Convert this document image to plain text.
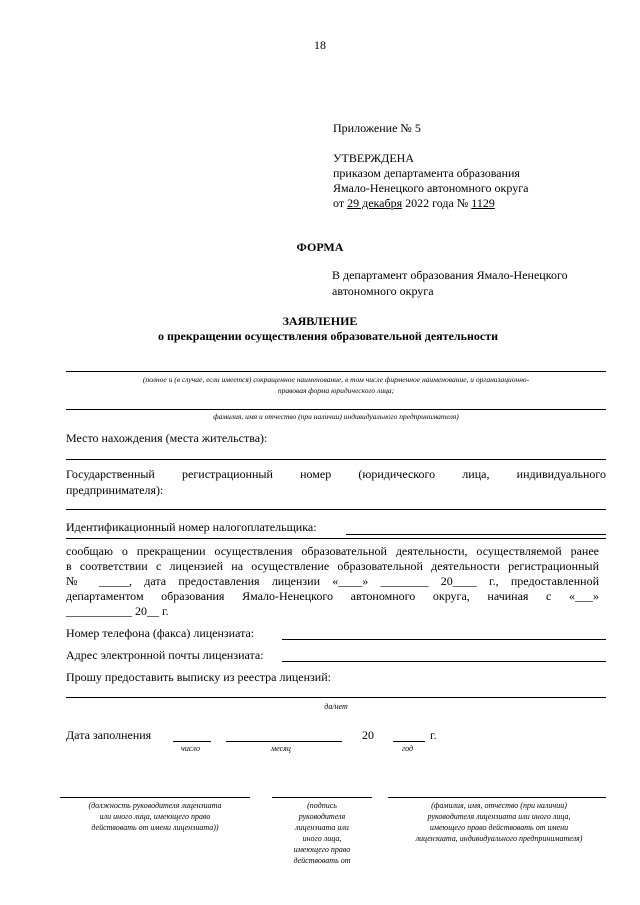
18
Приложение № 5
УТВЕРЖДЕНА
приказом департамента образования
Ямало-Ненецкого автономного округа
от 29 декабря 2022 года № 1129
ФОРМА
В департамент образования Ямало-Ненецкого
автономного округа
ЗАЯВЛЕНИЕ
о прекращении осуществления образовательной деятельности
(полное и (в случае, если имеется) сокращенное наименование, в том числе фирменное наименование, и организационно-
правовая форма юридического лица;
фамилия, имя и отчество (при наличии) индивидуального предпринимателя)
Место нахождения (места жительства):
Государственный регистрационный номер (юридического лица, индивидуального
предпринимателя):
Идентификационный номер налогоплательщика:
сообщаю о прекращении осуществления образовательной деятельности, осуществляемой ранее
в соответствии с лицензией на осуществление образовательной деятельности регистрационный
№ _____, дата предоставления лицензии «____» ________ 20____ г., предоставленной
департаментом образования Ямало-Ненецкого автономного округа, начиная с «___»
___________ 20__ г.
Номер телефона (факса) лицензиата:
Адрес электронной почты лицензиата:
Прошу предоставить выписку из реестра лицензий:
да/нет
Дата заполнения	20	г.
число	месяц	год
(должность руководителя лицензиата
или иного лица, имеющего право
действовать от имени лицензиата))
(подпись
руководителя
лицензиата или
иного лица,
имеющего право
действовать от
(фамилия, имя, отчество (при наличии)
руководителя лицензиата или иного лица,
имеющего право действовать от имени
лицензиата, индивидуального предпринимателя)
